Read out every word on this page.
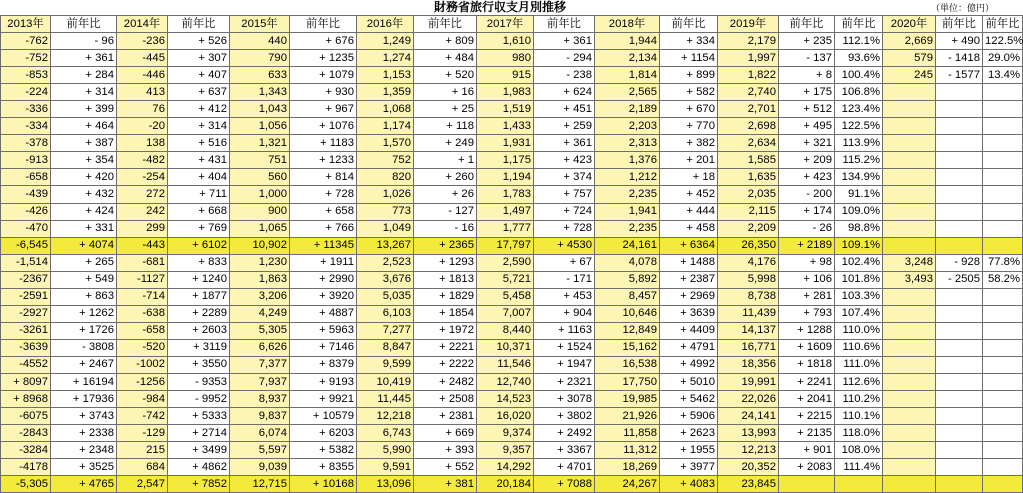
財務省旅行収支月別推移	（単位：億円）
2013年	前年比	2014年	前年比	2015年	前年比	2016年	前年比	2017年	前年比	2018年	前年比	2019年	前年比	前年比	2020年	前年比	前年比
-762	- 96	-236	+ 526	440	+ 676	1,249	+ 809	1,610	+ 361	1,944	+ 334	2,179	+ 235	112.1%	2,669	+ 490	122.5%
-752	+ 361	-445	+ 307	790	+ 1235	1,274	+ 484	980	- 294	2,134	+ 1154	1,997	- 137	93.6%	579	- 1418	29.0%
-853	+ 284	-446	+ 407	633	+ 1079	1,153	+ 520	915	- 238	1,814	+ 899	1,822	+ 8	100.4%	245	- 1577	13.4%
-224	+ 314	413	+ 637	1,343	+ 930	1,359	+ 16	1,983	+ 624	2,565	+ 582	2,740	+ 175	106.8%			
-336	+ 399	76	+ 412	1,043	+ 967	1,068	+ 25	1,519	+ 451	2,189	+ 670	2,701	+ 512	123.4%			
-334	+ 464	-20	+ 314	1,056	+ 1076	1,174	+ 118	1,433	+ 259	2,203	+ 770	2,698	+ 495	122.5%			
-378	+ 387	138	+ 516	1,321	+ 1183	1,570	+ 249	1,931	+ 361	2,313	+ 382	2,634	+ 321	113.9%			
-913	+ 354	-482	+ 431	751	+ 1233	752	+ 1	1,175	+ 423	1,376	+ 201	1,585	+ 209	115.2%			
-658	+ 420	-254	+ 404	560	+ 814	820	+ 260	1,194	+ 374	1,212	+ 18	1,635	+ 423	134.9%			
-439	+ 432	272	+ 711	1,000	+ 728	1,026	+ 26	1,783	+ 757	2,235	+ 452	2,035	- 200	91.1%			
-426	+ 424	242	+ 668	900	+ 658	773	- 127	1,497	+ 724	1,941	+ 444	2,115	+ 174	109.0%			
-470	+ 331	299	+ 769	1,065	+ 766	1,049	- 16	1,777	+ 728	2,235	+ 458	2,209	- 26	98.8%			
-6,545	+ 4074	-443	+ 6102	10,902	+ 11345	13,267	+ 2365	17,797	+ 4530	24,161	+ 6364	26,350	+ 2189	109.1%			
-1,514	+ 265	-681	+ 833	1,230	+ 1911	2,523	+ 1293	2,590	+ 67	4,078	+ 1488	4,176	+ 98	102.4%	3,248	- 928	77.8%
-2367	+ 549	-1127	+ 1240	1,863	+ 2990	3,676	+ 1813	5,721	- 171	5,892	+ 2387	5,998	+ 106	101.8%	3,493	- 2505	58.2%
-2591	+ 863	-714	+ 1877	3,206	+ 3920	5,035	+ 1829	5,458	+ 453	8,457	+ 2969	8,738	+ 281	103.3%			
-2927	+ 1262	-638	+ 2289	4,249	+ 4887	6,103	+ 1854	7,007	+ 904	10,646	+ 3639	11,439	+ 793	107.4%			
-3261	+ 1726	-658	+ 2603	5,305	+ 5963	7,277	+ 1972	8,440	+ 1163	12,849	+ 4409	14,137	+ 1288	110.0%			
-3639	- 3808	-520	+ 3119	6,626	+ 7146	8,847	+ 2221	10,371	+ 1524	15,162	+ 4791	16,771	+ 1609	110.6%			
-4552	+ 2467	-1002	+ 3550	7,377	+ 8379	9,599	+ 2222	11,546	+ 1947	16,538	+ 4992	18,356	+ 1818	111.0%			
+ 8097	+ 16194	-1256	- 9353	7,937	+ 9193	10,419	+ 2482	12,740	+ 2321	17,750	+ 5010	19,991	+ 2241	112.6%			
+ 8968	+ 17936	-984	- 9952	8,937	+ 9921	11,445	+ 2508	14,523	+ 3078	19,985	+ 5462	22,026	+ 2041	110.2%			
-6075	+ 3743	-742	+ 5333	9,837	+ 10579	12,218	+ 2381	16,020	+ 3802	21,926	+ 5906	24,141	+ 2215	110.1%			
-2843	+ 2338	-129	+ 2714	6,074	+ 6203	6,743	+ 669	9,374	+ 2492	11,858	+ 2623	13,993	+ 2135	118.0%			
-3284	+ 2348	215	+ 3499	5,597	+ 5382	5,990	+ 393	9,357	+ 3367	11,312	+ 1955	12,213	+ 901	108.0%			
-4178	+ 3525	684	+ 4862	9,039	+ 8355	9,591	+ 552	14,292	+ 4701	18,269	+ 3977	20,352	+ 2083	111.4%			
-5,305	+ 4765	2,547	+ 7852	12,715	+ 10168	13,096	+ 381	20,184	+ 7088	24,267	+ 4083	23,845					
